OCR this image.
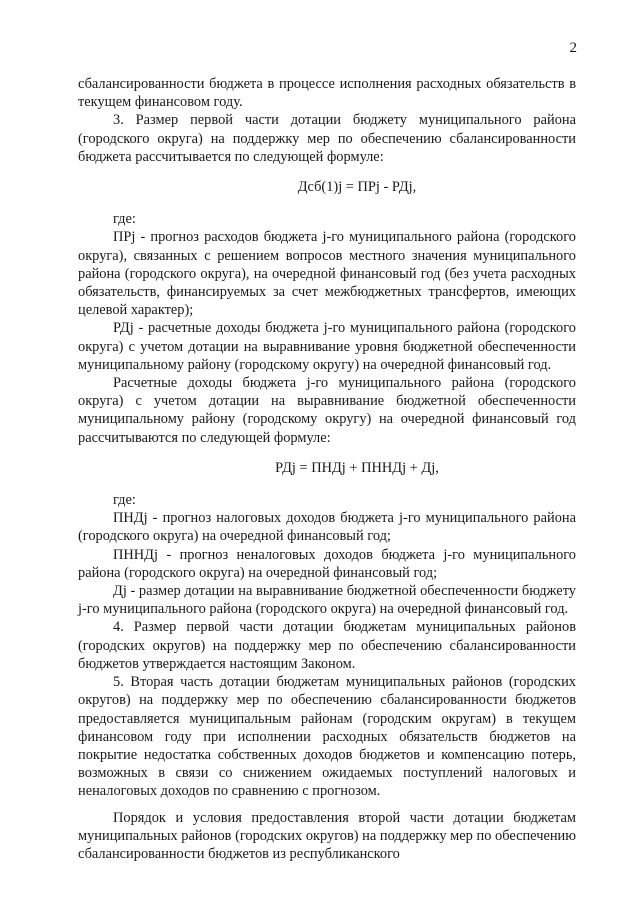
2

сбалансированности бюджета в процессе исполнения расходных обязательств в текущем финансовом году.

3. Размер первой части дотации бюджету муниципального района (городского округа) на поддержку мер по обеспечению сбалансированности бюджета рассчитывается по следующей формуле:

Дсб(1)j = ПРj - РДj,

где:

ПРj - прогноз расходов бюджета j-го муниципального района (городского округа), связанных с решением вопросов местного значения муниципального района (городского округа), на очередной финансовый год (без учета расходных обязательств, финансируемых за счет межбюджетных трансфертов, имеющих целевой характер);

РДj - расчетные доходы бюджета j-го муниципального района (городского округа) с учетом дотации на выравнивание уровня бюджетной обеспеченности муниципальному району (городскому округу) на очередной финансовый год.

Расчетные доходы бюджета j-го муниципального района (городского округа) с учетом дотации на выравнивание бюджетной обеспеченности муниципальному району (городскому округу) на очередной финансовый год рассчитываются по следующей формуле:

РДj = ПНДj + ПННДj + Дj,

где:

ПНДj - прогноз налоговых доходов бюджета j-го муниципального района (городского округа) на очередной финансовый год;

ПННДj - прогноз неналоговых доходов бюджета j-го муниципального района (городского округа) на очередной финансовый год;

Дj - размер дотации на выравнивание бюджетной обеспеченности бюджету j-го муниципального района (городского округа) на очередной финансовый год.

4. Размер первой части дотации бюджетам муниципальных районов (городских округов) на поддержку мер по обеспечению сбалансированности бюджетов утверждается настоящим Законом.

5. Вторая часть дотации бюджетам муниципальных районов (городских округов) на поддержку мер по обеспечению сбалансированности бюджетов предоставляется муниципальным районам (городским округам) в текущем финансовом году при исполнении расходных обязательств бюджетов на покрытие недостатка собственных доходов бюджетов и компенсацию потерь, возможных в связи со снижением ожидаемых поступлений налоговых и неналоговых доходов по сравнению с прогнозом.

Порядок и условия предоставления второй части дотации бюджетам муниципальных районов (городских округов) на поддержку мер по обеспечению сбалансированности бюджетов из республиканского
